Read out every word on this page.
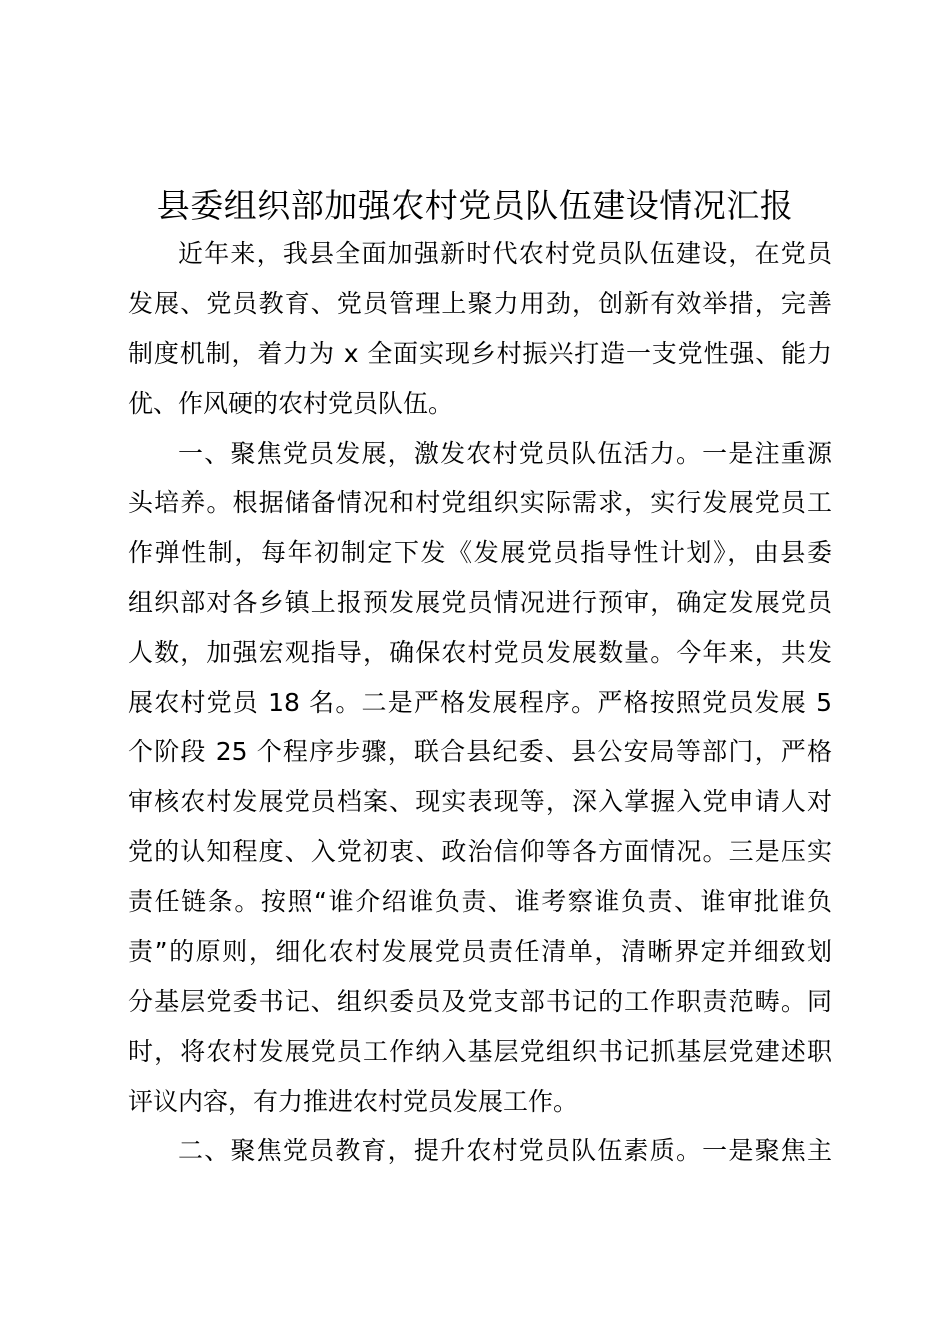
县委组织部加强农村党员队伍建设情况汇报
近年来，我县全面加强新时代农村党员队伍建设，在党员
发展、党员教育、党员管理上聚力用劲，创新有效举措，完善
制度机制，着力为 x 全面实现乡村振兴打造一支党性强、能力
优、作风硬的农村党员队伍。
一、聚焦党员发展，激发农村党员队伍活力。一是注重源
头培养。根据储备情况和村党组织实际需求，实行发展党员工
作弹性制，每年初制定下发《发展党员指导性计划》，由县委
组织部对各乡镇上报预发展党员情况进行预审，确定发展党员
人数，加强宏观指导，确保农村党员发展数量。今年来，共发
展农村党员 18 名。二是严格发展程序。严格按照党员发展 5
个阶段 25 个程序步骤，联合县纪委、县公安局等部门，严格
审核农村发展党员档案、现实表现等，深入掌握入党申请人对
党的认知程度、入党初衷、政治信仰等各方面情况。三是压实
责任链条。按照“谁介绍谁负责、谁考察谁负责、谁审批谁负
责”的原则，细化农村发展党员责任清单，清晰界定并细致划
分基层党委书记、组织委员及党支部书记的工作职责范畴。同
时，将农村发展党员工作纳入基层党组织书记抓基层党建述职
评议内容，有力推进农村党员发展工作。
二、聚焦党员教育，提升农村党员队伍素质。一是聚焦主
